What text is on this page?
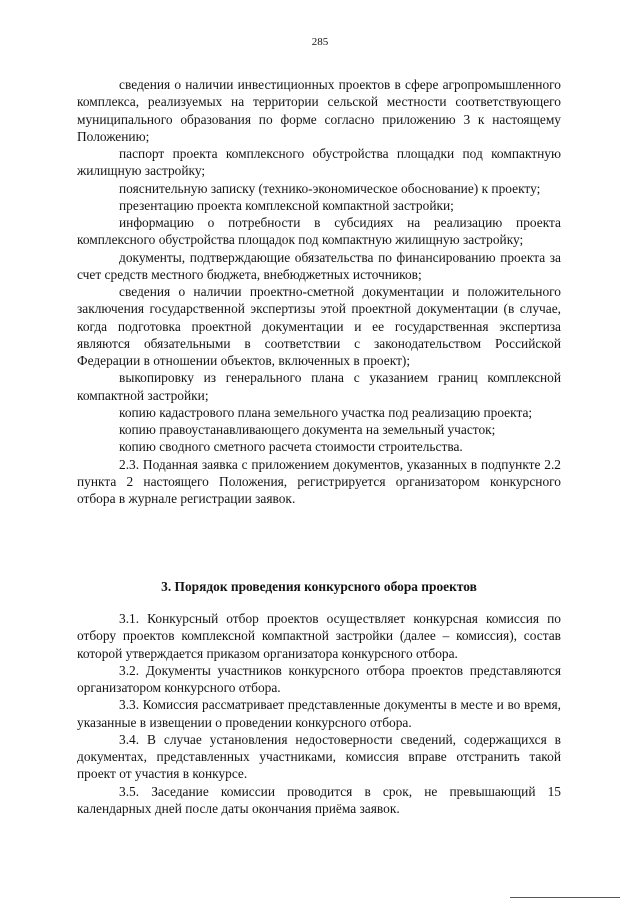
285

сведения о наличии инвестиционных проектов в сфере агропромышленного комплекса, реализуемых на территории сельской местности соответствующего муниципального образования по форме согласно приложению 3 к настоящему Положению;

паспорт проекта комплексного обустройства площадки под компактную жилищную застройку;

пояснительную записку (технико-экономическое обоснование) к проекту;

презентацию проекта комплексной компактной застройки;

информацию о потребности в субсидиях на реализацию проекта комплексного обустройства площадок под компактную жилищную застройку;

документы, подтверждающие обязательства по финансированию проекта за счет средств местного бюджета, внебюджетных источников;

сведения о наличии проектно-сметной документации и положительного заключения государственной экспертизы этой проектной документации (в случае, когда подготовка проектной документации и ее государственная экспертиза являются обязательными в соответствии с законодательством Российской Федерации в отношении объектов, включенных в проект);

выкопировку из генерального плана с указанием границ комплексной компактной застройки;

копию кадастрового плана земельного участка под реализацию проекта;

копию правоустанавливающего документа на земельный участок;

копию сводного сметного расчета стоимости строительства.

2.3. Поданная заявка с приложением документов, указанных в подпункте 2.2 пункта 2 настоящего Положения, регистрируется организатором конкурсного отбора в журнале регистрации заявок.

3. Порядок проведения конкурсного обора проектов

3.1. Конкурсный отбор проектов осуществляет конкурсная комиссия по отбору проектов комплексной компактной застройки (далее – комиссия), состав которой утверждается приказом организатора конкурсного отбора.

3.2. Документы участников конкурсного отбора проектов представляются организатором конкурсного отбора.

3.3. Комиссия рассматривает представленные документы в месте и во время, указанные в извещении о проведении конкурсного отбора.

3.4. В случае установления недостоверности сведений, содержащихся в документах, представленных участниками, комиссия вправе отстранить такой проект от участия в конкурсе.

3.5. Заседание комиссии проводится в срок, не превышающий 15 календарных дней после даты окончания приёма заявок.
